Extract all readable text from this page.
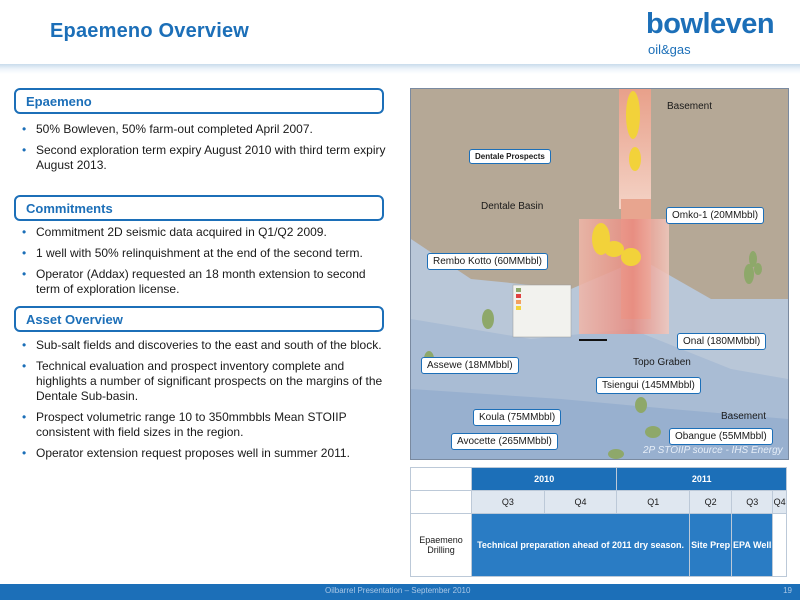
Epaemeno Overview	bowleven
oil&gas
Epaemeno
• 50% Bowleven, 50% farm-out completed April 2007.
• Second exploration term expiry August 2010 with third term expiry August 2013.
Commitments
• Commitment 2D seismic data acquired in Q1/Q2 2009.
• 1 well with 50% relinquishment at the end of the second term.
• Operator (Addax) requested an 18 month extension to second term of exploration license.
Asset Overview
• Sub-salt fields and discoveries to the east and south of the block.
• Technical evaluation and prospect inventory complete and highlights a number of significant prospects on the margins of the Dentale Sub-basin.
• Prospect volumetric range 10 to 350mmbbls Mean STOIIP consistent with field sizes in the region.
• Operator extension request proposes well in summer 2011.
Basement
Dentale Basin
Topo Graben
Basement
Dentale Prospects
Omko-1 (20MMbbl)
Rembo Kotto (60MMbbl)
Onal (180MMbbl)
Assewe (18MMbbl)
Tsiengui (145MMbbl)
Koula (75MMbbl)
Obangue (55MMbbl)
Avocette (265MMbbl)
2P STOIIP source - IHS Energy
	2010		2011			
	Q3	Q4	Q1	Q2	Q3	Q4
Epaemeno Drilling	Technical preparation ahead of 2011 dry season.			Site Prep	EPA Well	
Oilbarrel Presentation – September 2010	19
